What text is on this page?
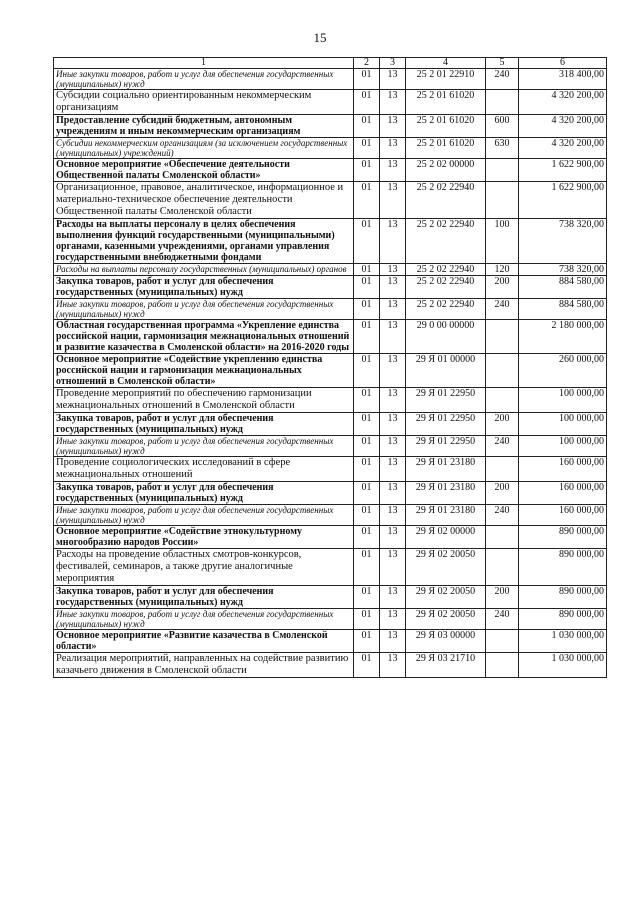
15
1	2	3	4	5	6
Иные закупки товаров, работ и услуг для обеспечения государственных (муниципальных) нужд	01	13	25 2 01 22910	240	318 400,00
Субсидии социально ориентированным некоммерческим организациям	01	13	25 2 01 61020		4 320 200,00
Предоставление субсидий бюджетным, автономным учреждениям и иным некоммерческим организациям	01	13	25 2 01 61020	600	4 320 200,00
Субсидии некоммерческим организациям (за исключением государственных (муниципальных) учреждений)	01	13	25 2 01 61020	630	4 320 200,00
Основное мероприятие «Обеспечение деятельности Общественной палаты Смоленской области»	01	13	25 2 02 00000		1 622 900,00
Организационное, правовое, аналитическое, информационное и материально-техническое обеспечение деятельности Общественной палаты Смоленской области	01	13	25 2 02 22940		1 622 900,00
Расходы на выплаты персоналу в целях обеспечения выполнения функций государственными (муниципальными) органами, казенными учреждениями, органами управления государственными внебюджетными фондами	01	13	25 2 02 22940	100	738 320,00
Расходы на выплаты персоналу государственных (муниципальных) органов	01	13	25 2 02 22940	120	738 320,00
Закупка товаров, работ и услуг для обеспечения государственных (муниципальных) нужд	01	13	25 2 02 22940	200	884 580,00
Иные закупки товаров, работ и услуг для обеспечения государственных (муниципальных) нужд	01	13	25 2 02 22940	240	884 580,00
Областная государственная программа «Укрепление единства российской нации, гармонизация межнациональных отношений и развитие казачества в Смоленской области» на 2016-2020 годы	01	13	29 0 00 00000		2 180 000,00
Основное мероприятие «Содействие укреплению единства российской нации и гармонизация межнациональных отношений в Смоленской области»	01	13	29 Я 01 00000		260 000,00
Проведение мероприятий по обеспечению гармонизации межнациональных отношений в Смоленской области	01	13	29 Я 01 22950		100 000,00
Закупка товаров, работ и услуг для обеспечения государственных (муниципальных) нужд	01	13	29 Я 01 22950	200	100 000,00
Иные закупки товаров, работ и услуг для обеспечения государственных (муниципальных) нужд	01	13	29 Я 01 22950	240	100 000,00
Проведение социологических исследований в сфере межнациональных отношений	01	13	29 Я 01 23180		160 000,00
Закупка товаров, работ и услуг для обеспечения государственных (муниципальных) нужд	01	13	29 Я 01 23180	200	160 000,00
Иные закупки товаров, работ и услуг для обеспечения государственных (муниципальных) нужд	01	13	29 Я 01 23180	240	160 000,00
Основное мероприятие «Содействие этнокультурному многообразию народов России»	01	13	29 Я 02 00000		890 000,00
Расходы на проведение областных смотров-конкурсов, фестивалей, семинаров, а также другие аналогичные мероприятия	01	13	29 Я 02 20050		890 000,00
Закупка товаров, работ и услуг для обеспечения государственных (муниципальных) нужд	01	13	29 Я 02 20050	200	890 000,00
Иные закупки товаров, работ и услуг для обеспечения государственных (муниципальных) нужд	01	13	29 Я 02 20050	240	890 000,00
Основное мероприятие «Развитие казачества в Смоленской области»	01	13	29 Я 03 00000		1 030 000,00
Реализация мероприятий, направленных на содействие развитию казачьего движения в Смоленской области	01	13	29 Я 03 21710		1 030 000,00
